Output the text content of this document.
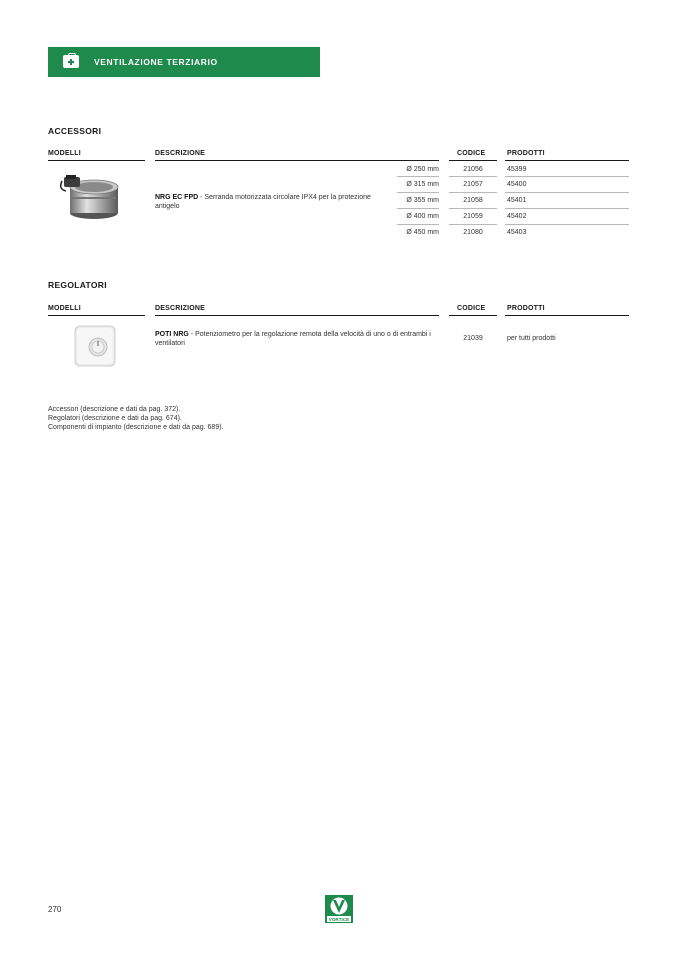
VENTILAZIONE TERZIARIO
ACCESSORI
MODELLI	DESCRIZIONE	CODICE	PRODOTTI
NRG EC FPD - Serranda motorizzata circolare IPX4 per la protezione antigelo
Ø 250 mm	21056	45399
Ø 315 mm	21057	45400
Ø 355 mm	21058	45401
Ø 400 mm	21059	45402
Ø 450 mm	21080	45403
REGOLATORI
MODELLI	DESCRIZIONE	CODICE	PRODOTTI
POTI NRG - Potenziometro per la regolazione remota della velocità di uno o di entrambi i ventilatori
21039	per tutti prodotti
Accessori (descrizione e dati da pag. 372).
Regolatori (descrizione e dati da pag. 674).
Componenti di impianto (descrizione e dati da pag. 689).
270
VORTICE
